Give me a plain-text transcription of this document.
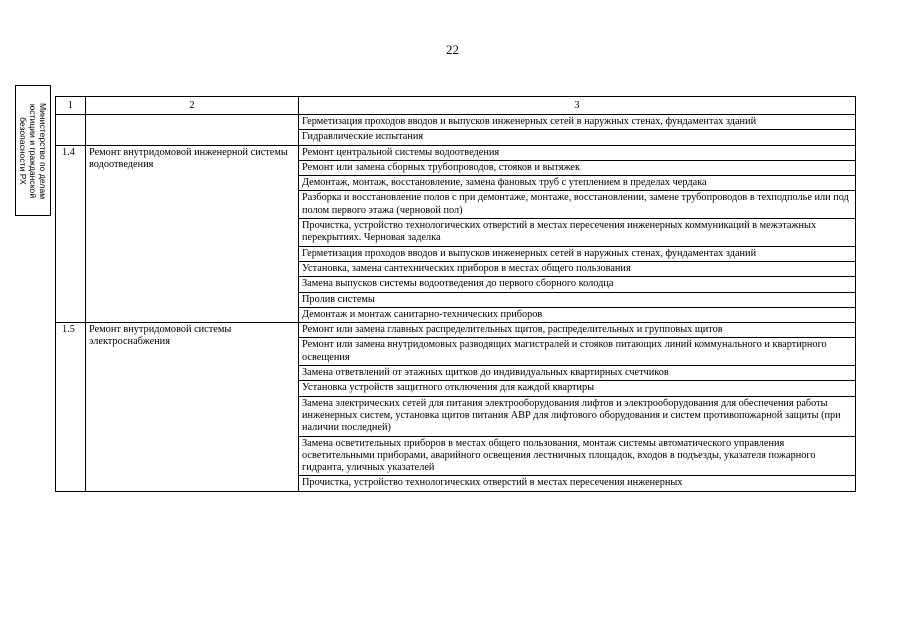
22
Министерство по делам
юстиции и гражданской
безопасности РХ
1	2	3
		Герметизация проходов вводов и выпусков инженерных сетей в наружных стенах, фундаментах зданий
		Гидравлические испытания
1.4	Ремонт внутридомовой инженерной системы водоотведения	Ремонт центральной системы водоотведения
		Ремонт или замена сборных трубопроводов, стояков и вытяжек
		Демонтаж, монтаж, восстановление, замена фановых труб с утеплением в пределах чердака
		Разборка и восстановление полов с при демонтаже, монтаже, восстановлении, замене трубопроводов в техподполье или под полом первого этажа (черновой пол)
		Прочистка, устройство технологических отверстий в местах пересечения инженерных коммуникаций в межэтажных перекрытиях. Черновая заделка
		Герметизация проходов вводов и выпусков инженерных сетей в наружных стенах, фундаментах зданий
		Установка, замена сантехнических приборов в местах общего пользования
		Замена выпусков системы водоотведения до первого сборного колодца
		Пролив системы
		Демонтаж и монтаж санитарно-технических приборов
1.5	Ремонт внутридомовой системы электроснабжения	Ремонт или замена главных распределительных щитов, распределительных и групповых щитов
		Ремонт или замена внутридомовых разводящих магистралей и стояков питающих линий коммунального и квартирного освещения
		Замена ответвлений от этажных щитков до индивидуальных квартирных счетчиков
		Установка устройств защитного отключения для каждой квартиры
		Замена электрических сетей для питания электрооборудования лифтов и электрооборудования для обеспечения работы инженерных систем, установка щитов питания АВР для лифтового оборудования и систем противопожарной защиты (при наличии последней)
		Замена осветительных приборов в местах общего пользования, монтаж системы автоматического управления осветительными приборами, аварийного освещения лестничных площадок, входов в подъезды, указателя пожарного гидранта, уличных указателей
		Прочистка, устройство технологических отверстий в местах пересечения инженерных
